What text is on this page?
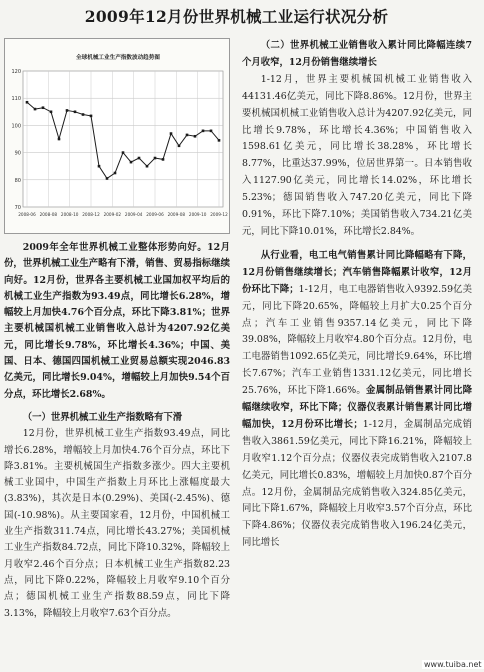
2009年12月份世界机械工业运行状况分析
全球机械工业生产指数波动趋势图
70
80
90
100
110
120
2008-06 2008-08 2008-10 2008-12 2009-02 2009-04 2009-06 2009-08 2009-10 2009-12

2009年全年世界机械工业整体形势向好。12月份，世界机械工业生产略有下滑，销售、贸易指标继续向好。12月份，世界各主要机械工业国加权平均后的机械工业生产指数为93.49点，同比增长6.28%，增幅较上月加快4.76个百分点，环比下降3.81%；世界主要机械国机械工业销售收入总计为4207.92亿美元，同比增长9.78%，环比增长4.36%；中国、美国、日本、德国四国机械工业贸易总额实现2046.83亿美元，同比增长9.04%，增幅较上月加快9.54个百分点，环比增长2.68%。

（一）世界机械工业生产指数略有下滑

12月份，世界机械工业生产指数93.49点，同比增长6.28%，增幅较上月加快4.76个百分点，环比下降3.81%。主要机械国生产指数多涨少。四大主要机械工业国中，中国生产指数上月环比上涨幅度最大(3.83%)，其次是日本(0.29%)、美国(-2.45%)、德国(-10.98%)。从主要国家看，12月份，中国机械工业生产指数311.74点，同比增长43.27%；美国机械工业生产指数84.72点，同比下降10.32%，降幅较上月收窄2.46个百分点；日本机械工业生产指数82.23点，同比下降0.22%，降幅较上月收窄9.10个百分点；德国机械工业生产指数88.59点，同比下降3.13%，降幅较上月收窄7.63个百分点。

（二）世界机械工业销售收入累计同比降幅连续7个月收窄，12月份销售继续增长

1-12月，世界主要机械国机械工业销售收入44131.46亿美元，同比下降8.86%。12月份，世界主要机械国机械工业销售收入总计为4207.92亿美元，同比增长9.78%，环比增长4.36%；中国销售收入1598.61亿美元，同比增长38.28%，环比增长8.77%，比重达37.99%，位居世界第一。日本销售收入1127.90亿美元，同比增长14.02%，环比增长5.23%；德国销售收入747.20亿美元，同比下降0.91%，环比下降7.10%；美国销售收入734.21亿美元，同比下降10.01%，环比增长2.84%。

从行业看，电工电气销售累计同比降幅略有下降，12月份销售继续增长；汽车销售降幅累计收窄，12月份环比下降；1-12月，电工电器销售收入9392.59亿美元，同比下降20.65%，降幅较上月扩大0.25个百分点；汽车工业销售9357.14亿美元，同比下降39.08%，降幅较上月收窄4.80个百分点。12月份，电工电器销售1092.65亿美元，同比增长9.64%，环比增长7.67%；汽车工业销售1331.12亿美元，同比增长25.76%，环比下降1.66%。金属制品销售累计同比降幅继续收窄，环比下降；仪器仪表累计销售累计同比增幅加快，12月份环比增长；1-12月，金属制品完成销售收入3861.59亿美元，同比下降16.21%，降幅较上月收窄1.12个百分点；仪器仪表完成销售收入2107.8亿美元，同比增长0.83%，增幅较上月加快0.87个百分点。12月份，金属制品完成销售收入324.85亿美元，同比下降1.67%，降幅较上月收窄3.57个百分点，环比下降4.86%；仪器仪表完成销售收入196.24亿美元，同比增长

www.tuiba.net
